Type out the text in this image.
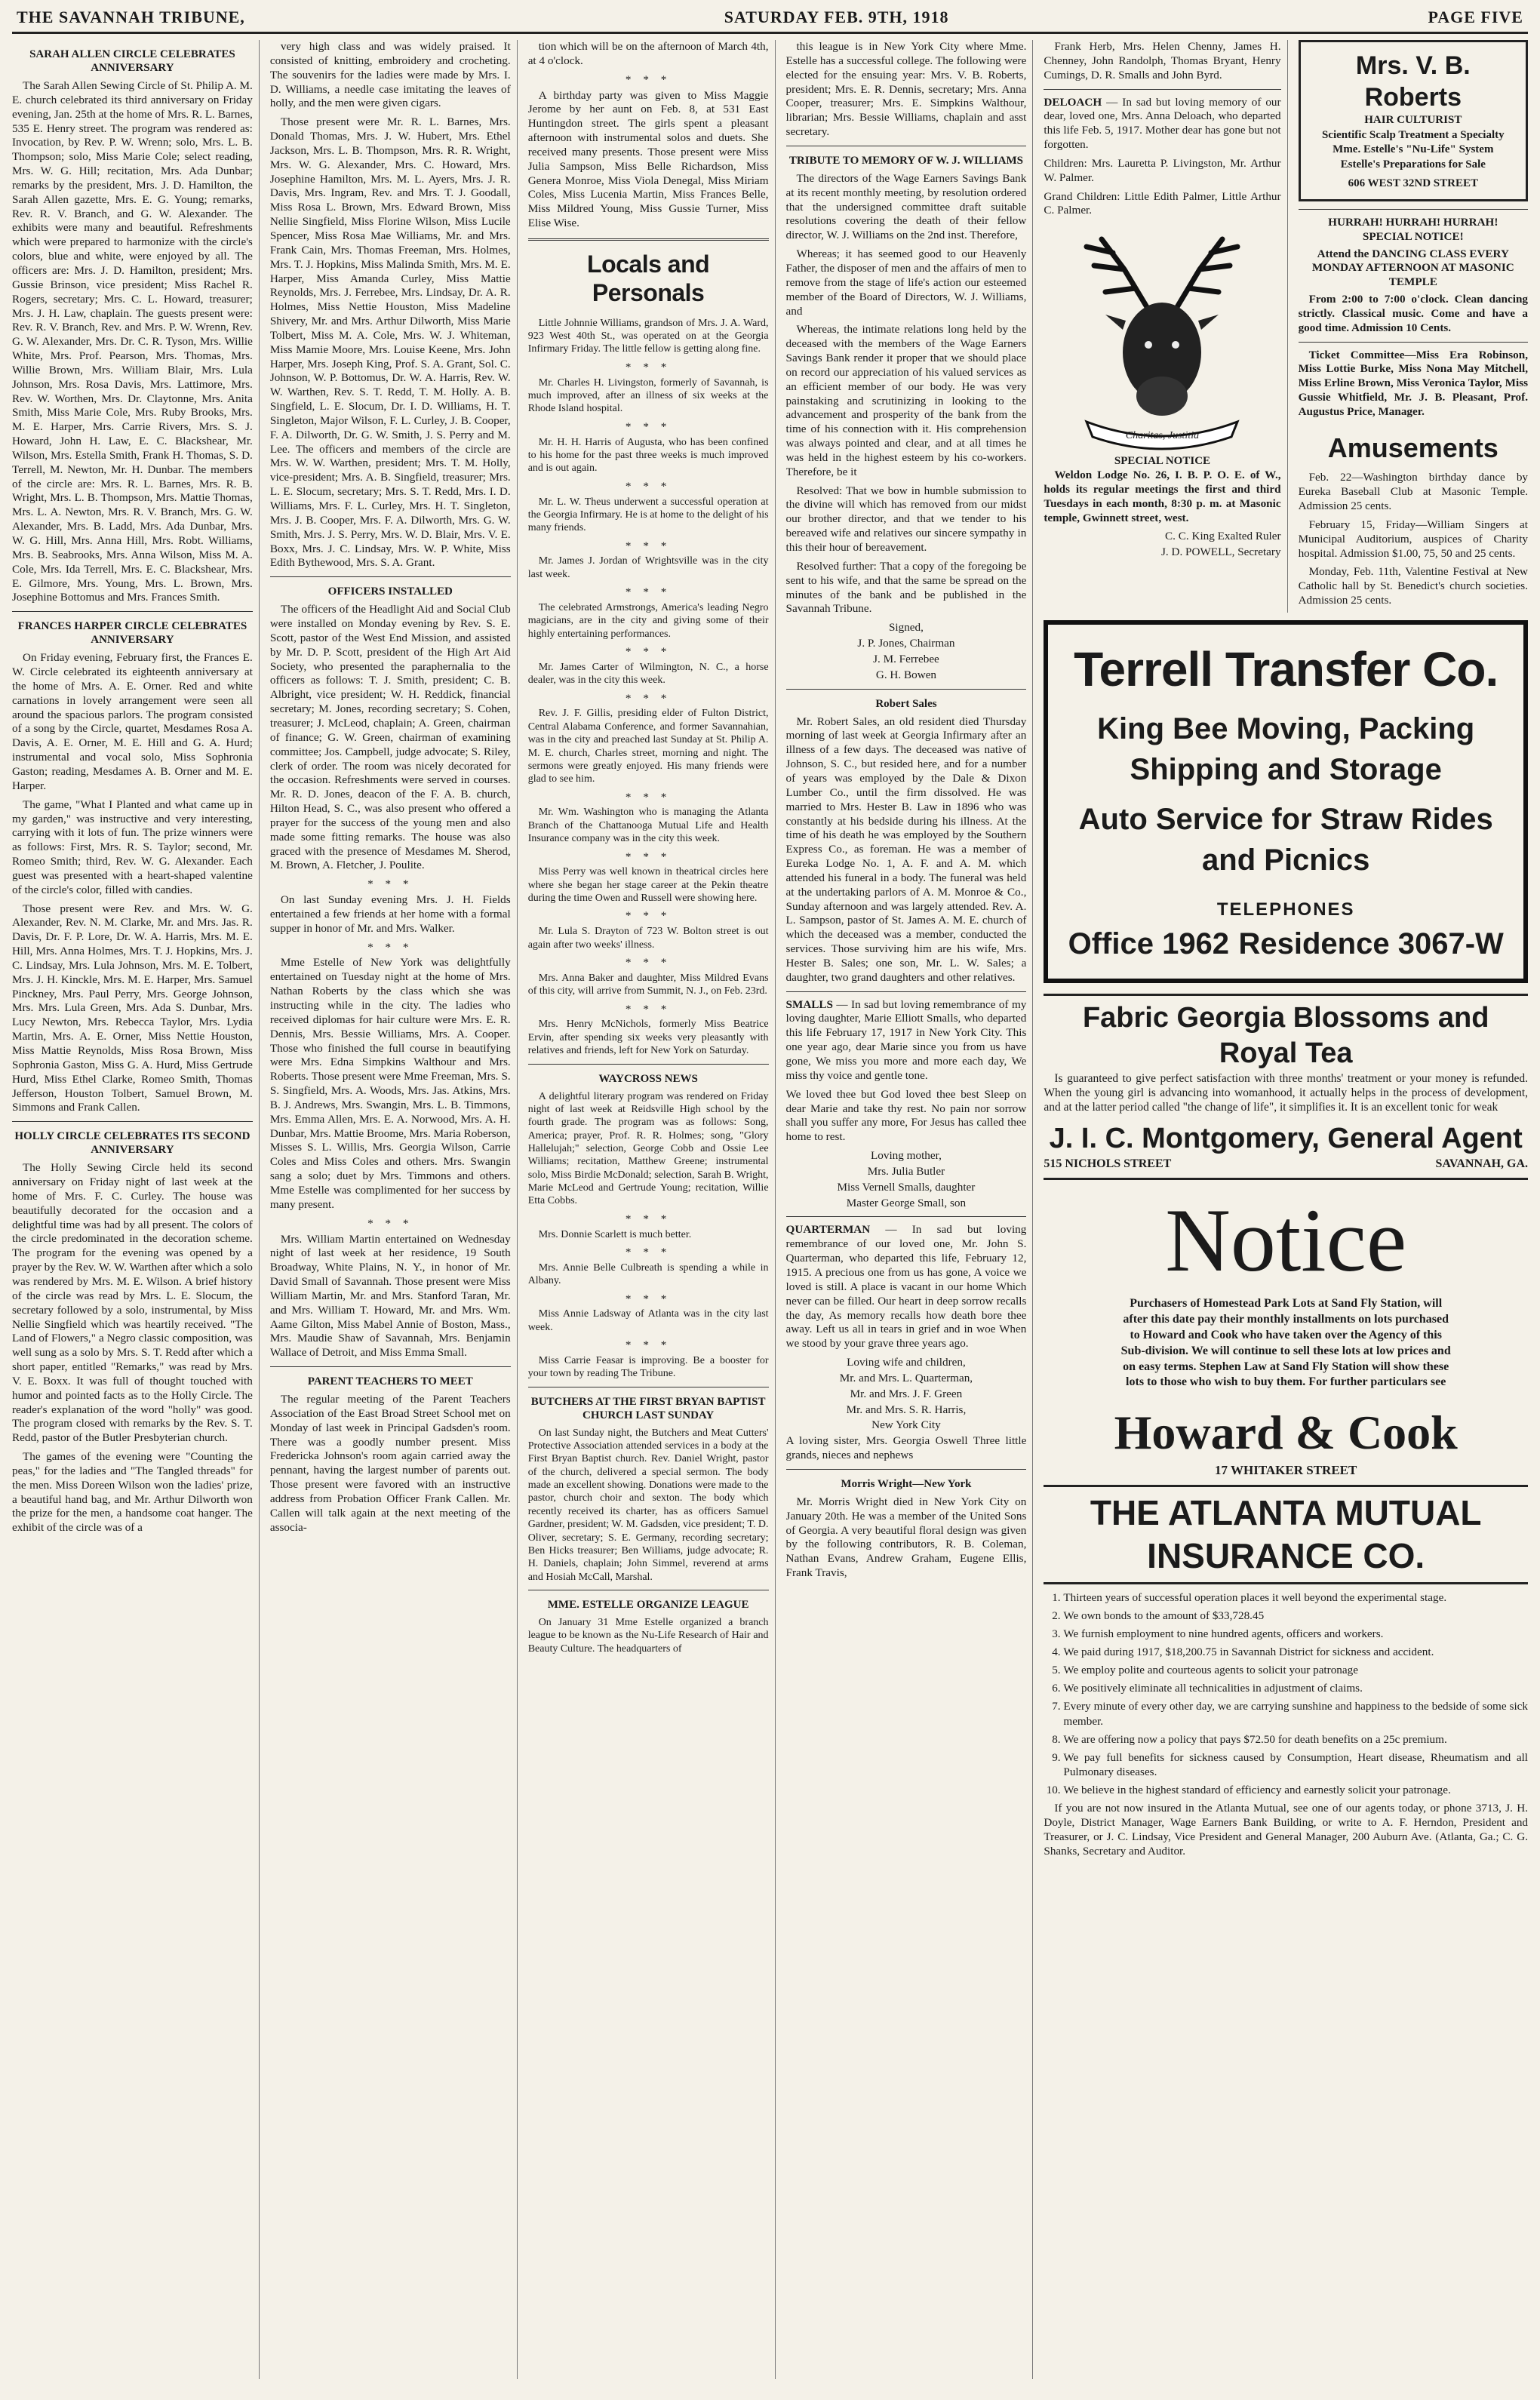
THE SAVANNAH TRIBUNE,	SATURDAY FEB. 9TH, 1918	PAGE FIVE
SARAH ALLEN CIRCLE CELEBRATES ANNIVERSARY

The Sarah Allen Sewing Circle of St. Philip A. M. E. church celebrated its third anniversary on Friday evening, Jan. 25th at the home of Mrs. R. L. Barnes, 535 E. Henry street. The program was rendered as: Invocation, by Rev. P. W. Wrenn; solo, Mrs. L. B. Thompson; solo, Miss Marie Cole; select reading, Mrs. W. G. Hill; recitation, Mrs. Ada Dunbar; remarks by the president, Mrs. J. D. Hamilton, the Sarah Allen gazette, Mrs. E. G. Young; remarks, Rev. R. V. Branch, and G. W. Alexander. The exhibits were many and beautiful. Refreshments which were prepared to harmonize with the circle's colors, blue and white, were enjoyed by all. The officers are: Mrs. J. D. Hamilton, president; Mrs. Gussie Brinson, vice president; Miss Rachel R. Rogers, secretary; Mrs. C. L. Howard, treasurer; Mrs. J. H. Law, chaplain. The guests present were: Rev. R. V. Branch, Rev. and Mrs. P. W. Wrenn, Rev. G. W. Alexander, Mrs. Dr. C. R. Tyson, Mrs. Willie White, Mrs. Prof. Pearson, Mrs. Thomas, Mrs. Willie Brown, Mrs. William Blair, Mrs. Lula Johnson, Mrs. Rosa Davis, Mrs. Lattimore, Mrs. Rev. W. Worthen, Mrs. Dr. Claytonne, Mrs. Anita Smith, Miss Marie Cole, Mrs. Ruby Brooks, Mrs. M. E. Harper, Mrs. Carrie Rivers, Mrs. S. J. Howard, John H. Law, E. C. Blackshear, Mr. Wilson, Mrs. Estella Smith, Frank H. Thomas, S. D. Terrell, M. Newton, Mr. H. Dunbar. The members of the circle are: Mrs. R. L. Barnes, Mrs. R. B. Wright, Mrs. L. B. Thompson, Mrs. Mattie Thomas, Mrs. L. A. Newton, Mrs. R. V. Branch, Mrs. G. W. Alexander, Mrs. B. Ladd, Mrs. Ada Dunbar, Mrs. W. G. Hill, Mrs. Anna Hill, Mrs. Robt. Williams, Mrs. B. Seabrooks, Mrs. Anna Wilson, Miss M. A. Cole, Mrs. Ida Terrell, Mrs. E. C. Blackshear, Mrs. E. Gilmore, Mrs. Young, Mrs. L. Brown, Mrs. Josephine Bottomus and Mrs. Frances Smith.

FRANCES HARPER CIRCLE CELEBRATES ANNIVERSARY

On Friday evening, February first, the Frances E. W. Circle celebrated its eighteenth anniversary at the home of Mrs. A. E. Orner. Red and white carnations in lovely arrangement were seen all around the spacious parlors. The program consisted of a song by the Circle, quartet, Mesdames Rosa A. Davis, A. E. Orner, M. E. Hill and G. A. Hurd; instrumental and vocal solo, Miss Sophronia Gaston; reading, Mesdames A. B. Orner and M. E. Harper.

The game, "What I Planted and what came up in my garden," was instructive and very interesting, carrying with it lots of fun. The prize winners were as follows: First, Mrs. R. S. Taylor; second, Mr. Romeo Smith; third, Rev. W. G. Alexander. Each guest was presented with a heart-shaped valentine of the circle's color, filled with candies.

Those present were Rev. and Mrs. W. G. Alexander, Rev. N. M. Clarke, Mr. and Mrs. Jas. R. Davis, Dr. F. P. Lore, Dr. W. A. Harris, Mrs. M. E. Hill, Mrs. Anna Holmes, Mrs. T. J. Hopkins, Mrs. J. C. Lindsay, Mrs. Lula Johnson, Mrs. M. E. Tolbert, Mrs. J. H. Kinckle, Mrs. M. E. Harper, Mrs. Samuel Pinckney, Mrs. Paul Perry, Mrs. George Johnson, Mrs. Mrs. Lula Green, Mrs. Ada S. Dunbar, Mrs. Lucy Newton, Mrs. Rebecca Taylor, Mrs. Lydia Martin, Mrs. A. E. Orner, Miss Nettie Houston, Miss Mattie Reynolds, Miss Rosa Brown, Miss Sophronia Gaston, Miss G. A. Hurd, Miss Gertrude Hurd, Miss Ethel Clarke, Romeo Smith, Thomas Jefferson, Houston Tolbert, Samuel Brown, M. Simmons and Frank Callen.

HOLLY CIRCLE CELEBRATES ITS SECOND ANNIVERSARY

The Holly Sewing Circle held its second anniversary on Friday night of last week at the home of Mrs. F. C. Curley. The house was beautifully decorated for the occasion and a delightful time was had by all present. The colors of the circle predominated in the decoration scheme. The program for the evening was opened by a prayer by the Rev. W. W. Warthen after which a solo was rendered by Mrs. M. E. Wilson. A brief history of the circle was read by Mrs. L. E. Slocum, the secretary followed by a solo, instrumental, by Miss Nellie Singfield which was heartily received. "The Land of Flowers," a Negro classic composition, was well sung as a solo by Mrs. S. T. Redd after which a short paper, entitled "Remarks," was read by Mrs. V. E. Boxx. It was full of thought touched with humor and pointed facts as to the Holly Circle. The reader's explanation of the word "holly" was good. The program closed with remarks by the Rev. S. T. Redd, pastor of the Butler Presbyterian church.

The games of the evening were "Counting the peas," for the ladies and "The Tangled threads" for the men. Miss Doreen Wilson won the ladies' prize, a beautiful hand bag, and Mr. Arthur Dilworth won the prize for the men, a handsome coat hanger. The exhibit of the circle was of a

very high class and was widely praised. It consisted of knitting, embroidery and crocheting. The souvenirs for the ladies were made by Mrs. I. D. Williams, a needle case imitating the leaves of holly, and the men were given cigars.

Those present were Mr. R. L. Barnes, Mrs. Donald Thomas, Mrs. J. W. Hubert, Mrs. Ethel Jackson, Mrs. L. B. Thompson, Mrs. R. R. Wright, Mrs. W. G. Alexander, Mrs. C. Howard, Mrs. Josephine Hamilton, Mrs. M. L. Ayers, Mrs. J. R. Davis, Mrs. Ingram, Rev. and Mrs. T. J. Goodall, Miss Rosa L. Brown, Mrs. Edward Brown, Miss Nellie Singfield, Miss Florine Wilson, Miss Lucile Spencer, Miss Rosa Mae Williams, Mr. and Mrs. Frank Cain, Mrs. Thomas Freeman, Mrs. Holmes, Mrs. T. J. Hopkins, Miss Malinda Smith, Mrs. M. E. Harper, Miss Amanda Curley, Miss Mattie Reynolds, Mrs. J. Ferrebee, Mrs. Lindsay, Dr. A. R. Holmes, Miss Nettie Houston, Miss Madeline Shivery, Mr. and Mrs. Arthur Dilworth, Miss Marie Tolbert, Miss M. A. Cole, Mrs. W. J. Whiteman, Miss Mamie Moore, Mrs. Louise Keene, Mrs. John Harper, Mrs. Joseph King, Prof. S. A. Grant, Sol. C. Johnson, W. P. Bottomus, Dr. W. A. Harris, Rev. W. W. Warthen, Rev. S. T. Redd, T. M. Holly. A. B. Singfield, L. E. Slocum, Dr. I. D. Williams, H. T. Singleton, Major Wilson, F. L. Curley, J. B. Cooper, F. A. Dilworth, Dr. G. W. Smith, J. S. Perry and M. Lee. The officers and members of the circle are Mrs. W. W. Warthen, president; Mrs. T. M. Holly, vice-president; Mrs. A. B. Singfield, treasurer; Mrs. L. E. Slocum, secretary; Mrs. S. T. Redd, Mrs. I. D. Williams, Mrs. F. L. Curley, Mrs. H. T. Singleton, Mrs. J. B. Cooper, Mrs. F. A. Dilworth, Mrs. G. W. Smith, Mrs. J. S. Perry, Mrs. W. D. Blair, Mrs. V. E. Boxx, Mrs. J. C. Lindsay, Mrs. W. P. White, Miss Edith Bythewood, Mrs. S. A. Grant.

OFFICERS INSTALLED

The officers of the Headlight Aid and Social Club were installed on Monday evening by Rev. S. E. Scott, pastor of the West End Mission, and assisted by Mr. D. P. Scott, president of the High Art Aid Society, who presented the paraphernalia to the officers as follows: T. J. Smith, president; C. B. Albright, vice president; W. H. Reddick, financial secretary; M. Jones, recording secretary; S. Cohen, treasurer; J. McLeod, chaplain; A. Green, chairman of finance; G. W. Green, chairman of examining committee; Jos. Campbell, judge advocate; S. Riley, clerk of order. The room was nicely decorated for the occasion. Refreshments were served in courses. Mr. R. D. Jones, deacon of the F. A. B. church, Hilton Head, S. C., was also present who offered a prayer for the success of the young men and also made some fitting remarks. The house was also graced with the presence of Mesdames M. Sherod, M. Brown, A. Fletcher, J. Poulite.

* * *

On last Sunday evening Mrs. J. H. Fields entertained a few friends at her home with a formal supper in honor of Mr. and Mrs. Walker.

* * *

Mme Estelle of New York was delightfully entertained on Tuesday night at the home of Mrs. Nathan Roberts by the class which she was instructing while in the city. The ladies who received diplomas for hair culture were Mrs. E. R. Dennis, Mrs. Bessie Williams, Mrs. A. Cooper. Those who finished the full course in beautifying were Mrs. Edna Simpkins Walthour and Mrs. Roberts. Those present were Mme Freeman, Mrs. S. S. Singfield, Mrs. A. Woods, Mrs. Jas. Atkins, Mrs. B. J. Andrews, Mrs. Swangin, Mrs. L. B. Timmons, Mrs. Emma Allen, Mrs. E. A. Norwood, Mrs. A. H. Dunbar, Mrs. Mattie Broome, Mrs. Maria Roberson, Misses S. L. Willis, Mrs. Georgia Wilson, Carrie Coles and Miss Coles and others. Mrs. Swangin sang a solo; duet by Mrs. Timmons and others. Mme Estelle was complimented for her success by many present.

* * *

Mrs. William Martin entertained on Wednesday night of last week at her residence, 19 South Broadway, White Plains, N. Y., in honor of Mr. David Small of Savannah. Those present were Miss William Martin, Mr. and Mrs. Stanford Taran, Mr. and Mrs. William T. Howard, Mr. and Mrs. Wm. Aame Gilton, Miss Mabel Annie of Boston, Mass., Mrs. Maudie Shaw of Savannah, Mrs. Benjamin Wallace of Detroit, and Miss Emma Small.

PARENT TEACHERS TO MEET

The regular meeting of the Parent Teachers Association of the East Broad Street School met on Monday of last week in Principal Gadsden's room. There was a goodly number present. Miss Fredericka Johnson's room again carried away the pennant, having the largest number of parents out. Those present were favored with an instructive address from Probation Officer Frank Callen. Mr. Callen will talk again at the next meeting of the associa-

tion which will be on the afternoon of March 4th, at 4 o'clock.

* * *

A birthday party was given to Miss Maggie Jerome by her aunt on Feb. 8, at 531 East Huntingdon street. The girls spent a pleasant afternoon with instrumental solos and duets. She received many presents. Those present were Miss Julia Sampson, Miss Belle Richardson, Miss Genera Monroe, Miss Viola Denegal, Miss Miriam Coles, Miss Lucenia Martin, Miss Frances Belle, Miss Mildred Young, Miss Gussie Turner, Miss Elise Wise.

Locals and Personals

Little Johnnie Williams, grandson of Mrs. J. A. Ward, 923 West 40th St., was operated on at the Georgia Infirmary Friday. The little fellow is getting along fine.

* * *

Mr. Charles H. Livingston, formerly of Savannah, is much improved, after an illness of six weeks at the Rhode Island hospital.

* * *

Mr. H. H. Harris of Augusta, who has been confined to his home for the past three weeks is much improved and is out again.

* * *

Mr. L. W. Theus underwent a successful operation at the Georgia Infirmary. He is at home to the delight of his many friends.

* * *

Mr. James J. Jordan of Wrightsville was in the city last week.

* * *

The celebrated Armstrongs, America's leading Negro magicians, are in the city and giving some of their highly entertaining performances.

* * *

Mr. James Carter of Wilmington, N. C., a horse dealer, was in the city this week.

* * *

Rev. J. F. Gillis, presiding elder of Fulton District, Central Alabama Conference, and former Savannahian, was in the city and preached last Sunday at St. Philip A. M. E. church, Charles street, morning and night. The sermons were greatly enjoyed. His many friends were glad to see him.

* * *

Mr. Wm. Washington who is managing the Atlanta Branch of the Chattanooga Mutual Life and Health Insurance company was in the city this week.

* * *

Miss Perry was well known in theatrical circles here where she began her stage career at the Pekin theatre during the time Owen and Russell were showing here.

* * *

Mr. Lula S. Drayton of 723 W. Bolton street is out again after two weeks' illness.

* * *

Mrs. Anna Baker and daughter, Miss Mildred Evans of this city, will arrive from Summit, N. J., on Feb. 23rd.

* * *

Mrs. Henry McNichols, formerly Miss Beatrice Ervin, after spending six weeks very pleasantly with relatives and friends, left for New York on Saturday.

WAYCROSS NEWS

A delightful literary program was rendered on Friday night of last week at Reidsville High school by the fourth grade. The program was as follows: Song, America; prayer, Prof. R. R. Holmes; song, "Glory Hallelujah;" selection, George Cobb and Ossie Lee Williams; recitation, Matthew Greene; instrumental solo, Miss Birdie McDonald; selection, Sarah B. Wright, Marie McLeod and Gertrude Young; recitation, Willie Etta Cobbs.

* * *

Mrs. Donnie Scarlett is much better.

* * *

Mrs. Annie Belle Culbreath is spending a while in Albany.

* * *

Miss Annie Ladsway of Atlanta was in the city last week.

* * *

Miss Carrie Feasar is improving. Be a booster for your town by reading The Tribune.

BUTCHERS AT THE FIRST BRYAN BAPTIST CHURCH LAST SUNDAY

On last Sunday night, the Butchers and Meat Cutters' Protective Association attended services in a body at the First Bryan Baptist church. Rev. Daniel Wright, pastor of the church, delivered a special sermon. The body made an excellent showing. Donations were made to the pastor, church choir and sexton. The body which recently received its charter, has as officers Samuel Gardner, president; W. M. Gadsden, vice president; T. D. Oliver, secretary; S. E. Germany, recording secretary; Ben Hicks treasurer; Ben Williams, judge advocate; R. H. Daniels, chaplain; John Simmel, reverend at arms and Hosiah McCall, Marshal.

MME. ESTELLE ORGANIZE LEAGUE

On January 31 Mme Estelle organized a branch league to be known as the Nu-Life Research of Hair and Beauty Culture. The headquarters of

this league is in New York City where Mme. Estelle has a successful college. The following were elected for the ensuing year: Mrs. V. B. Roberts, president; Mrs. E. R. Dennis, secretary; Mrs. Anna Cooper, treasurer; Mrs. E. Simpkins Walthour, librarian; Mrs. Bessie Williams, chaplain and asst secretary.

TRIBUTE TO MEMORY OF W. J. WILLIAMS

The directors of the Wage Earners Savings Bank at its recent monthly meeting, by resolution ordered that the undersigned committee draft suitable resolutions covering the death of their fellow director, W. J. Williams on the 2nd inst. Therefore,

Whereas; it has seemed good to our Heavenly Father, the disposer of men and the affairs of men to remove from the stage of life's action our esteemed member of the Board of Directors, W. J. Williams, and

Whereas, the intimate relations long held by the deceased with the members of the Wage Earners Savings Bank render it proper that we should place on record our appreciation of his valued services as an efficient member of our body. He was very painstaking and scrutinizing in looking to the advancement and prosperity of the bank from the time of his connection with it. His comprehension was always pointed and clear, and at all times he was held in the highest esteem by his co-workers. Therefore, be it

Resolved: That we bow in humble submission to the divine will which has removed from our midst our brother director, and that we tender to his bereaved wife and relatives our sincere sympathy in this their hour of bereavement.

Resolved further: That a copy of the foregoing be sent to his wife, and that the same be spread on the minutes of the bank and be published in the Savannah Tribune.

Signed,

J. P. Jones, Chairman

J. M. Ferrebee

G. H. Bowen

Robert Sales

Mr. Robert Sales, an old resident died Thursday morning of last week at Georgia Infirmary after an illness of a few days. The deceased was native of Johnson, S. C., but resided here, and for a number of years was employed by the Dale & Dixon Lumber Co., until the firm dissolved. He was married to Mrs. Hester B. Law in 1896 who was constantly at his bedside during his illness. At the time of his death he was employed by the Southern Express Co., as foreman. He was a member of Eureka Lodge No. 1, A. F. and A. M. which attended his funeral in a body. The funeral was held at the undertaking parlors of A. M. Monroe & Co., Sunday afternoon and was largely attended. Rev. A. L. Sampson, pastor of St. James A. M. E. church of which the deceased was a member, conducted the services. Those surviving him are his wife, Mrs. Hester B. Sales; one son, Mr. L. W. Sales; a daughter, two grand daughters and other relatives.

SMALLS — In sad but loving remembrance of my loving daughter, Marie Elliott Smalls, who departed this life February 17, 1917 in New York City. This one year ago, dear Marie since you from us have gone, We miss you more and more each day, We miss thy voice and gentle tone.

We loved thee but God loved thee best Sleep on dear Marie and take thy rest. No pain nor sorrow shall you suffer any more, For Jesus has called thee home to rest.

Loving mother,

Mrs. Julia Butler

Miss Vernell Smalls, daughter

Master George Small, son

QUARTERMAN — In sad but loving remembrance of our loved one, Mr. John S. Quarterman, who departed this life, February 12, 1915. A precious one from us has gone, A voice we loved is still. A place is vacant in our home Which never can be filled. Our heart in deep sorrow recalls the day, As memory recalls how death bore thee away. Left us all in tears in grief and in woe When we stood by your grave three years ago.

Loving wife and children,

Mr. and Mrs. L. Quarterman,

Mr. and Mrs. J. F. Green

Mr. and Mrs. S. R. Harris,

New York City

A loving sister, Mrs. Georgia Oswell Three little grands, nieces and nephews

Morris Wright—New York

Mr. Morris Wright died in New York City on January 20th. He was a member of the United Sons of Georgia. A very beautiful floral design was given by the following contributors, R. B. Coleman, Nathan Evans, Andrew Graham, Eugene Ellis, Frank Travis,

Frank Herb, Mrs. Helen Chenny, James H. Chenney, John Randolph, Thomas Bryant, Henry Cumings, D. R. Smalls and John Byrd.

DELOACH — In sad but loving memory of our dear, loved one, Mrs. Anna Deloach, who departed this life Feb. 5, 1917. Mother dear has gone but not forgotten.

Children: Mrs. Lauretta P. Livingston, Mr. Arthur W. Palmer.

Grand Children: Little Edith Palmer, Little Arthur C. Palmer.

Charitas, Justitia
SPECIAL NOTICE

Weldon Lodge No. 26, I. B. P. O. E. of W., holds its regular meetings the first and third Tuesdays in each month, 8:30 p. m. at Masonic temple, Gwinnett street, west.

C. C. King Exalted Ruler

J. D. POWELL, Secretary

Mrs. V. B. Roberts
HAIR CULTURIST
Scientific Scalp Treatment a Specialty
Mme. Estelle's "Nu-Life" System
Estelle's Preparations for Sale
606 WEST 32ND STREET
HURRAH! HURRAH! HURRAH!
SPECIAL NOTICE!
Attend the DANCING CLASS EVERY MONDAY AFTERNOON AT MASONIC TEMPLE

From 2:00 to 7:00 o'clock. Clean dancing strictly. Classical music. Come and have a good time. Admission 10 Cents.

Ticket Committee—Miss Era Robinson, Miss Lottie Burke, Miss Nona May Mitchell, Miss Erline Brown, Miss Veronica Taylor, Miss Gussie Whitfield, Mr. J. B. Pleasant, Prof. Augustus Price, Manager.

Amusements

Feb. 22—Washington birthday dance by Eureka Baseball Club at Masonic Temple. Admission 25 cents.

February 15, Friday—William Singers at Municipal Auditorium, auspices of Charity hospital. Admission $1.00, 75, 50 and 25 cents.

Monday, Feb. 11th, Valentine Festival at New Catholic hall by St. Benedict's church societies. Admission 25 cents.

Terrell Transfer Co.
King Bee Moving, Packing Shipping and Storage
Auto Service for Straw Rides and Picnics
TELEPHONES
Office 1962 Residence 3067-W
Fabric Georgia Blossoms and Royal Tea

Is guaranteed to give perfect satisfaction with three months' treatment or your money is refunded. When the young girl is advancing into womanhood, it actually helps in the process of development, and at the latter period called "the change of life", it simplifies it. It is an excellent tonic for weak

J. I. C. Montgomery, General Agent
515 NICHOLS STREET	SAVANNAH, GA.
Notice
Purchasers of Homestead Park Lots at Sand Fly Station, will after this date pay their monthly installments on lots purchased to Howard and Cook who have taken over the Agency of this Sub-division. We will continue to sell these lots at low prices and on easy terms. Stephen Law at Sand Fly Station will show these lots to those who wish to buy them. For further particulars see
Howard & Cook
17 WHITAKER STREET
THE ATLANTA MUTUAL INSURANCE CO.
1. Thirteen years of successful operation places it well beyond the experimental stage.
2. We own bonds to the amount of $33,728.45
3. We furnish employment to nine hundred agents, officers and workers.
4. We paid during 1917, $18,200.75 in Savannah District for sickness and accident.
5. We employ polite and courteous agents to solicit your patronage
6. We positively eliminate all technicalities in adjustment of claims.
7. Every minute of every other day, we are carrying sunshine and happiness to the bedside of some sick member.
8. We are offering now a policy that pays $72.50 for death benefits on a 25c premium.
9. We pay full benefits for sickness caused by Consumption, Heart disease, Rheumatism and all Pulmonary diseases.
10. We believe in the highest standard of efficiency and earnestly solicit your patronage.

If you are not now insured in the Atlanta Mutual, see one of our agents today, or phone 3713, J. H. Doyle, District Manager, Wage Earners Bank Building, or write to A. F. Herndon, President and Treasurer, or J. C. Lindsay, Vice President and General Manager, 200 Auburn Ave. (Atlanta, Ga.; C. G. Shanks, Secretary and Auditor.
